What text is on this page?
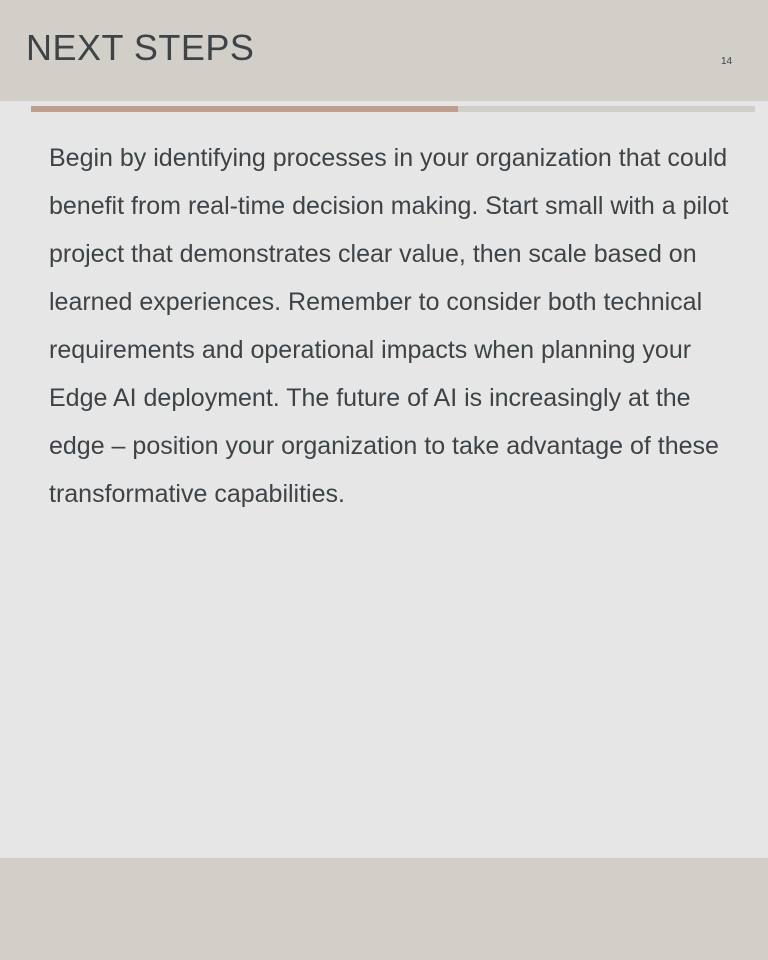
NEXT STEPS	14

Begin by identifying processes in your organization that could benefit from real-time decision making. Start small with a pilot project that demonstrates clear value, then scale based on learned experiences. Remember to consider both technical requirements and operational impacts when planning your Edge AI deployment. The future of AI is increasingly at the edge – position your organization to take advantage of these transformative capabilities.
